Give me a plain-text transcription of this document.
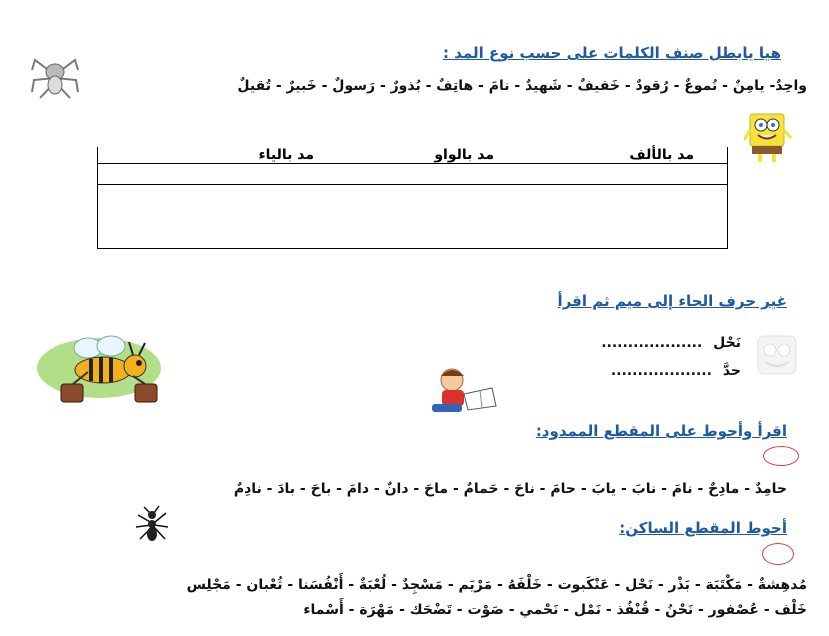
هيا يابطل صنف الكلمات على حسب نوع المد :
واحِدٌ- يامِنٌ - نُموعٌ - رُقودٌ - خَفيفٌ - شَهيدٌ - نامَ - هاتِفٌ - بُذورٌ - رَسولٌ - خَبيرٌ - تُقيلٌ
مد بالألف
مد بالواو
مد بالياء
غير حرف الحاء إلى ميم ثم اقرأ
نَحْل ...................
حدَّ ...................
اقرأ وأحوط على المقطع الممدود:
حامِدٌ - مادِحٌ - نامَ - نابَ - يابَ - حامَ - ناحَ - حَمامٌ - ماحَ - دانٌ - دامَ - باحَ - بادَ - نادِمٌ
أحوط المقطع الساكن:
مُدهِشةٌ - مَكْتَبَة - بَذْر - نَحْل - عَنْكَبوت - خَلْفَهُ - مَرْيَم - مَسْجِدٌ - لُعْبَةٌ - أَنْفُسَنا - ثُعْبان - مَجْلِس
خَلْف - عُصْفور - نَحْنُ - قُنْفُذ - نَمْل - نَحْمي - صَوْت - تَضْحَك - مَهْرَة - أَسْماء
